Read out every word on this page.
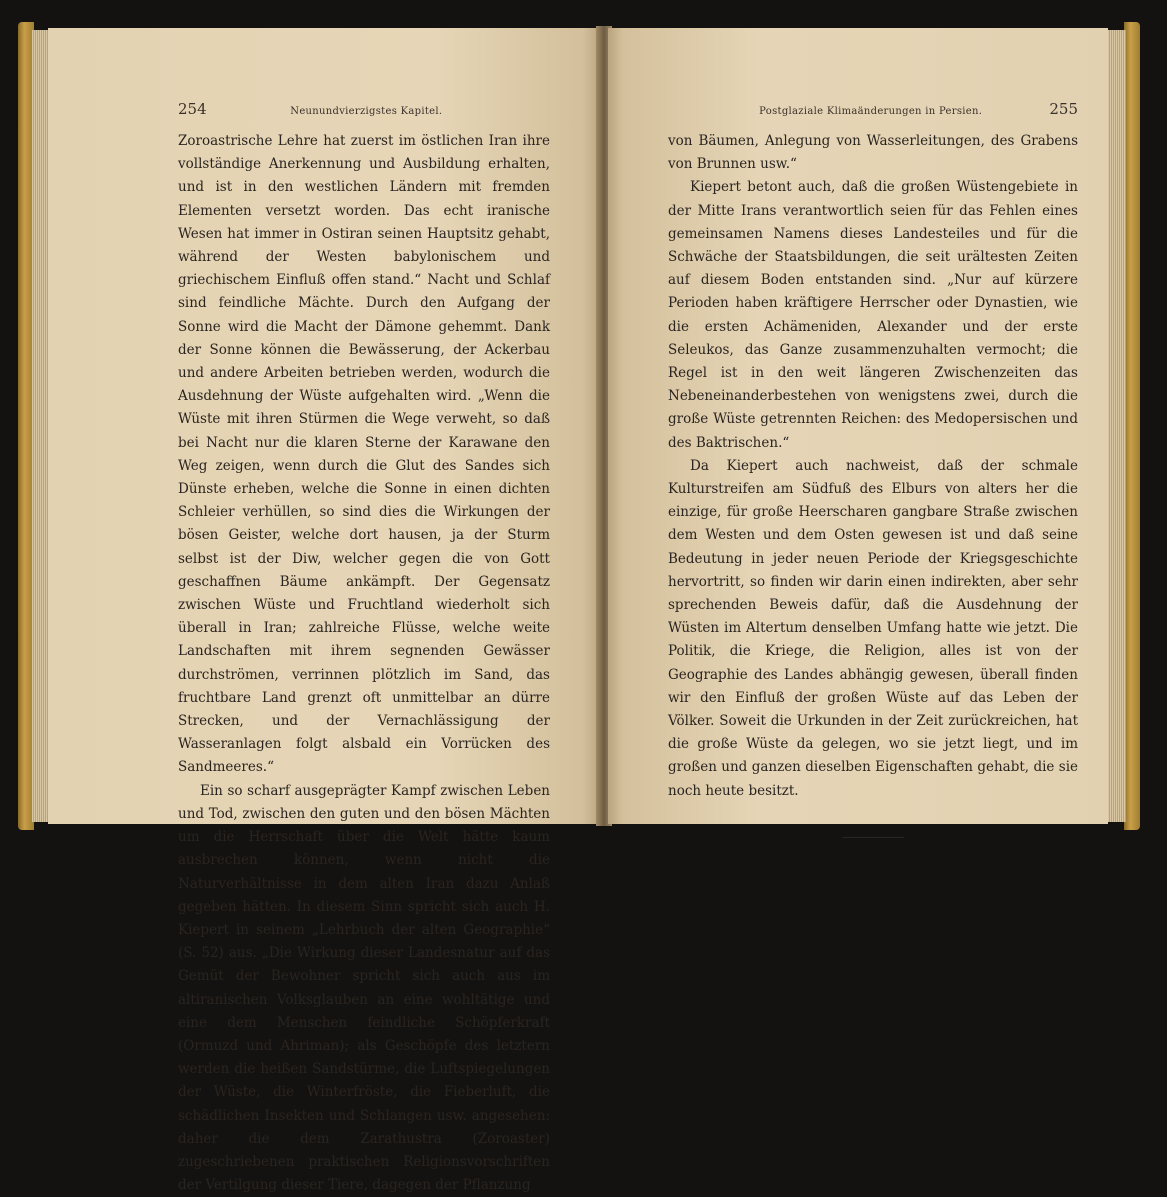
254	Neunundvierzigstes Kapitel.

Zoroastrische Lehre hat zuerst im östlichen Iran ihre vollständige Anerkennung und Ausbildung erhalten, und ist in den westlichen Ländern mit fremden Elementen versetzt worden. Das echt iranische Wesen hat immer in Ostiran seinen Hauptsitz gehabt, während der Westen babylonischem und griechischem Einfluß offen stand.“ Nacht und Schlaf sind feindliche Mächte. Durch den Aufgang der Sonne wird die Macht der Dämone gehemmt. Dank der Sonne können die Bewässerung, der Ackerbau und andere Arbeiten betrieben werden, wodurch die Ausdehnung der Wüste aufgehalten wird. „Wenn die Wüste mit ihren Stürmen die Wege verweht, so daß bei Nacht nur die klaren Sterne der Karawane den Weg zeigen, wenn durch die Glut des Sandes sich Dünste erheben, welche die Sonne in einen dichten Schleier verhüllen, so sind dies die Wirkungen der bösen Geister, welche dort hausen, ja der Sturm selbst ist der Diw, welcher gegen die von Gott geschaffnen Bäume ankämpft. Der Gegensatz zwischen Wüste und Fruchtland wiederholt sich überall in Iran; zahlreiche Flüsse, welche weite Landschaften mit ihrem segnenden Gewässer durchströmen, verrinnen plötzlich im Sand, das fruchtbare Land grenzt oft unmittelbar an dürre Strecken, und der Vernachlässigung der Wasseranlagen folgt alsbald ein Vorrücken des Sandmeeres.“

Ein so scharf ausgeprägter Kampf zwischen Leben und Tod, zwischen den guten und den bösen Mächten um die Herrschaft über die Welt hätte kaum ausbrechen können, wenn nicht die Naturverhältnisse in dem alten Iran dazu Anlaß gegeben hätten. In diesem Sinn spricht sich auch H. Kiepert in seinem „Lehrbuch der alten Geographie“ (S. 52) aus. „Die Wirkung dieser Landesnatur auf das Gemüt der Bewohner spricht sich auch aus im altiranischen Volksglauben an eine wohltätige und eine dem Menschen feindliche Schöpferkraft (Ormuzd und Ahriman); als Geschöpfe des letztern werden die heißen Sandstürme, die Luftspiegelungen der Wüste, die Winterfröste, die Fieberluft, die schädlichen Insekten und Schlangen usw. angesehen: daher die dem Zarathustra (Zoroaster) zugeschriebenen praktischen Religionsvorschriften der Vertilgung dieser Tiere, dagegen der Pflanzung

Postglaziale Klimaänderungen in Persien.	255

von Bäumen, Anlegung von Wasserleitungen, des Grabens von Brunnen usw.“

Kiepert betont auch, daß die großen Wüstengebiete in der Mitte Irans verantwortlich seien für das Fehlen eines gemeinsamen Namens dieses Landesteiles und für die Schwäche der Staatsbildungen, die seit urältesten Zeiten auf diesem Boden entstanden sind. „Nur auf kürzere Perioden haben kräftigere Herrscher oder Dynastien, wie die ersten Achämeniden, Alexander und der erste Seleukos, das Ganze zusammenzuhalten vermocht; die Regel ist in den weit längeren Zwischenzeiten das Nebeneinanderbestehen von wenigstens zwei, durch die große Wüste getrennten Reichen: des Medopersischen und des Baktrischen.“

Da Kiepert auch nachweist, daß der schmale Kulturstreifen am Südfuß des Elburs von alters her die einzige, für große Heerscharen gangbare Straße zwischen dem Westen und dem Osten gewesen ist und daß seine Bedeutung in jeder neuen Periode der Kriegsgeschichte hervortritt, so finden wir darin einen indirekten, aber sehr sprechenden Beweis dafür, daß die Ausdehnung der Wüsten im Altertum denselben Umfang hatte wie jetzt. Die Politik, die Kriege, die Religion, alles ist von der Geographie des Landes abhängig gewesen, überall finden wir den Einfluß der großen Wüste auf das Leben der Völker. Soweit die Urkunden in der Zeit zurückreichen, hat die große Wüste da gelegen, wo sie jetzt liegt, und im großen und ganzen dieselben Eigenschaften gehabt, die sie noch heute besitzt.
